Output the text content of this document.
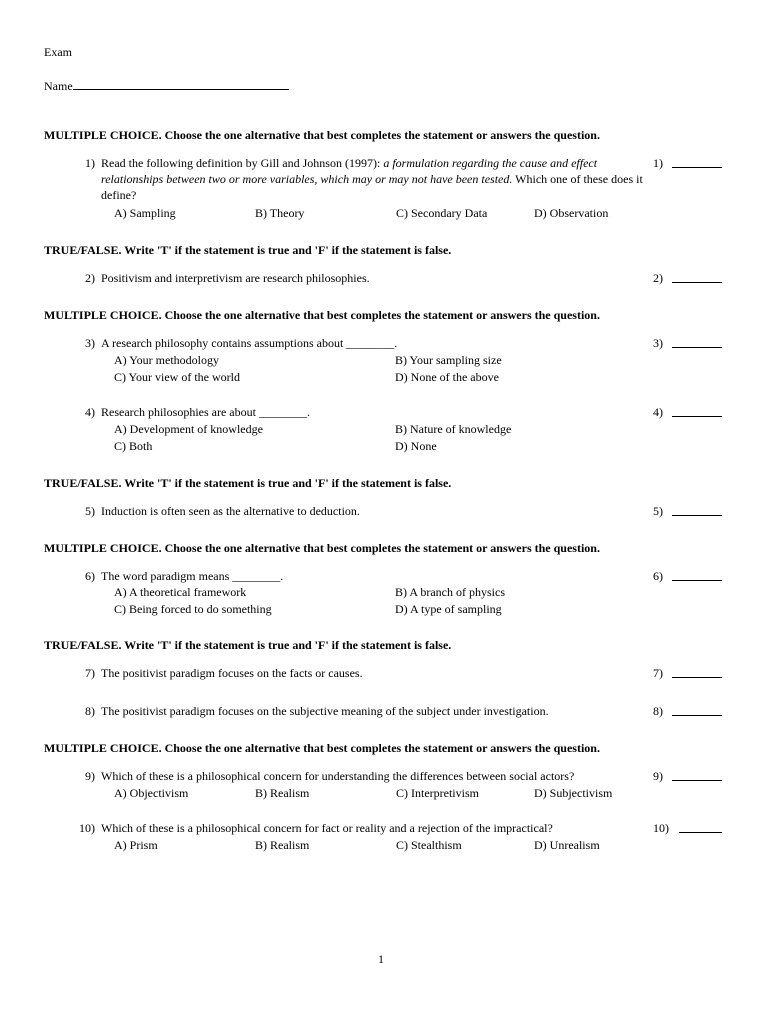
Exam
Name
MULTIPLE CHOICE. Choose the one alternative that best completes the statement or answers the question.
1) Read the following definition by Gill and Johnson (1997): a formulation regarding the cause and effect relationships between two or more variables, which may or may not have been tested. Which one of these does it define?
A) Sampling	B) Theory	C) Secondary Data	D) Observation
1)
TRUE/FALSE. Write 'T' if the statement is true and 'F' if the statement is false.
2) Positivism and interpretivism are research philosophies.	2)
MULTIPLE CHOICE. Choose the one alternative that best completes the statement or answers the question.
3) A research philosophy contains assumptions about ________.
A) Your methodology	B) Your sampling size
C) Your view of the world	D) None of the above
3)
4) Research philosophies are about ________.
A) Development of knowledge	B) Nature of knowledge
C) Both	D) None
4)
TRUE/FALSE. Write 'T' if the statement is true and 'F' if the statement is false.
5) Induction is often seen as the alternative to deduction.	5)
MULTIPLE CHOICE. Choose the one alternative that best completes the statement or answers the question.
6) The word paradigm means ________.
A) A theoretical framework	B) A branch of physics
C) Being forced to do something	D) A type of sampling
6)
TRUE/FALSE. Write 'T' if the statement is true and 'F' if the statement is false.
7) The positivist paradigm focuses on the facts or causes.	7)
8) The positivist paradigm focuses on the subjective meaning of the subject under investigation.	8)
MULTIPLE CHOICE. Choose the one alternative that best completes the statement or answers the question.
9) Which of these is a philosophical concern for understanding the differences between social actors?
A) Objectivism	B) Realism	C) Interpretivism	D) Subjectivism
9)
10) Which of these is a philosophical concern for fact or reality and a rejection of the impractical?
A) Prism	B) Realism	C) Stealthism	D) Unrealism
10)
1
